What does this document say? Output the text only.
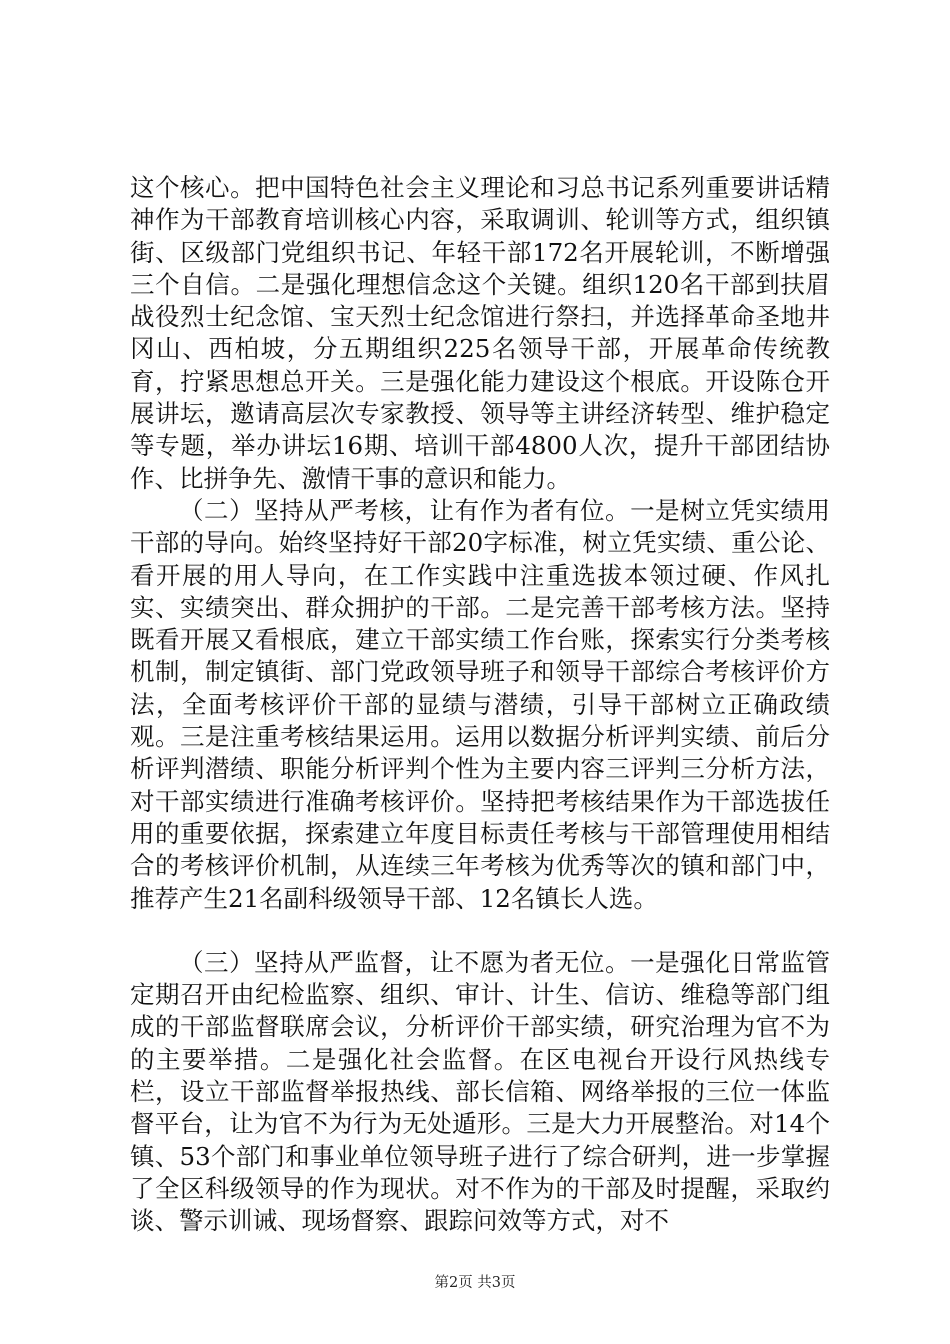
这个核心。把中国特色社会主义理论和习总书记系列重要讲话精神作为干部教育培训核心内容，采取调训、轮训等方式，组织镇街、区级部门党组织书记、年轻干部172名开展轮训，不断增强三个自信。二是强化理想信念这个关键。组织120名干部到扶眉战役烈士纪念馆、宝天烈士纪念馆进行祭扫，并选择革命圣地井冈山、西柏坡，分五期组织225名领导干部，开展革命传统教育，拧紧思想总开关。三是强化能力建设这个根底。开设陈仓开展讲坛，邀请高层次专家教授、领导等主讲经济转型、维护稳定等专题，举办讲坛16期、培训干部4800人次，提升干部团结协作、比拼争先、激情干事的意识和能力。

（二）坚持从严考核，让有作为者有位。一是树立凭实绩用干部的导向。始终坚持好干部20字标准，树立凭实绩、重公论、看开展的用人导向，在工作实践中注重选拔本领过硬、作风扎实、实绩突出、群众拥护的干部。二是完善干部考核方法。坚持既看开展又看根底，建立干部实绩工作台账，探索实行分类考核机制，制定镇街、部门党政领导班子和领导干部综合考核评价方法，全面考核评价干部的显绩与潜绩，引导干部树立正确政绩观。三是注重考核结果运用。运用以数据分析评判实绩、前后分析评判潜绩、职能分析评判个性为主要内容三评判三分析方法，对干部实绩进行准确考核评价。坚持把考核结果作为干部选拔任用的重要依据，探索建立年度目标责任考核与干部管理使用相结合的考核评价机制，从连续三年考核为优秀等次的镇和部门中，推荐产生21名副科级领导干部、12名镇长人选。

（三）坚持从严监督，让不愿为者无位。一是强化日常监管定期召开由纪检监察、组织、审计、计生、信访、维稳等部门组成的干部监督联席会议，分析评价干部实绩，研究治理为官不为的主要举措。二是强化社会监督。在区电视台开设行风热线专栏，设立干部监督举报热线、部长信箱、网络举报的三位一体监督平台，让为官不为行为无处遁形。三是大力开展整治。对14个镇、53个部门和事业单位领导班子进行了综合研判，进一步掌握了全区科级领导的作为现状。对不作为的干部及时提醒，采取约谈、警示训诫、现场督察、跟踪问效等方式，对不

第2页 共3页
